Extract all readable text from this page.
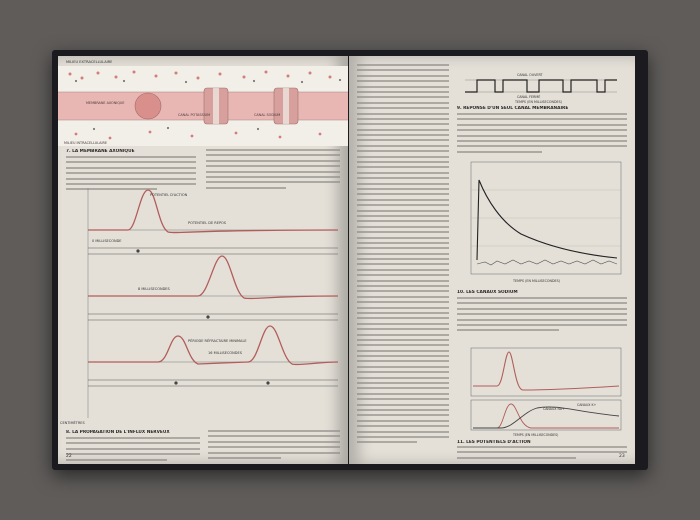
MILIEU EXTRACELLULAIRE
MEMBRANE AXONIQUE
CANAL POTASSIUM	CANAL SODIUM
MILIEU INTRACELLULAIRE
7. LA MEMBRANE AXONIQUE
POTENTIEL D'ACTION
POTENTIEL DE REPOS
0 MILLISECONDE
8 MILLISECONDES
PÉRIODE RÉFRACTAIRE MINIMALE
16 MILLISECONDES
CENTIMÈTRES
8. LA PROPAGATION DE L'INFLUX NERVEUX
22
CANAL OUVERT
CANAL FERMÉ
TEMPS (EN MILLISECONDES)
9. RÉPONSE D'UN SEUL CANAL MEMBRANAIRE
TEMPS (EN MILLISECONDES)
10. LES CANAUX SODIUM
CANAUX Na+
CANAUX K+
TEMPS (EN MILLISECONDES)
11. LES POTENTIELS D'ACTION
23
